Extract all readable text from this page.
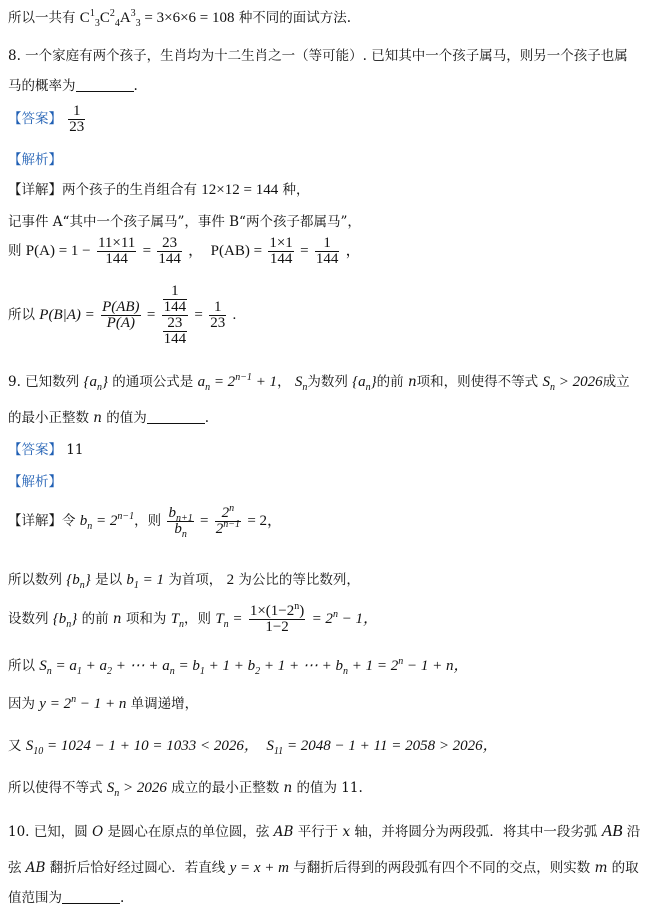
所以一共有 $C^1_3C^2_4A^3_3 = 3\times 6\times 6 = 108$ 种不同的面试方法.
8. 一个家庭有两个孩子，生肖均为十二生肖之一（等可能）. 已知其中一个孩子属马，则另一个孩子也属
马的概率为	.
【答案】 $\frac{1}{23}$
【解析】
【详解】两个孩子的生肖组合有 12×12 = 144 种，
记事件 A“其中一个孩子属马”，事件 B“两个孩子都属马”，
则 $P(A) = 1 - \frac{11\times 11}{144} = \frac{23}{144}$ ，  $P(AB) = \frac{1\times 1}{144} = \frac{1}{144}$ ，
所以 $P(B|A) = \frac{P(AB)}{P(A)} = \frac{\frac{1}{144}}{\frac{23}{144}} = \frac{1}{23}$ .
9. 已知数列 $\{a_n\}$ 的通项公式是 $a_n = 2^{n-1} + 1$， $S_n$为数列 $\{a_n\}$的前 n项和，则使得不等式 $S_n > 2026$成立
的最小正整数 n 的值为	.
【答案】 11
【解析】
【详解】令 $b_n = 2^{n-1}$，则 $\frac{b_{n+1}}{b_n} = \frac{2^n}{2^{n-1}} = 2$，
所以数列 $\{b_n\}$ 是以 $b_1 = 1$ 为首项， 2 为公比的等比数列，
设数列 $\{b_n\}$ 的前 n 项和为 $T_n$，则 $T_n = \frac{1\times(1-2^n)}{1-2} = 2^n - 1$，
所以 $S_n = a_1 + a_2$ + ⋯ + $a_n = b_1 + 1 + b_2 + 1$ + ⋯ + $b_n + 1 = 2^n - 1 + n$，
因为 $y = 2^n - 1 + n$ 单调递增，
又 $S_{10} = 1024 - 1 + 10 = 1033 < 2026$，  $S_{11} = 2048 - 1 + 11 = 2058 > 2026$，
所以使得不等式 $S_n > 2026$ 成立的最小正整数 n 的值为 11.
10. 已知，圆 O 是圆心在原点的单位圆，弦 AB 平行于 x 轴，并将圆分为两段弧．将其中一段劣弧 AB 沿
弦 AB 翻折后恰好经过圆心．若直线 y = x + m 与翻折后得到的两段弧有四个不同的交点，则实数 m 的取
值范围为	.
